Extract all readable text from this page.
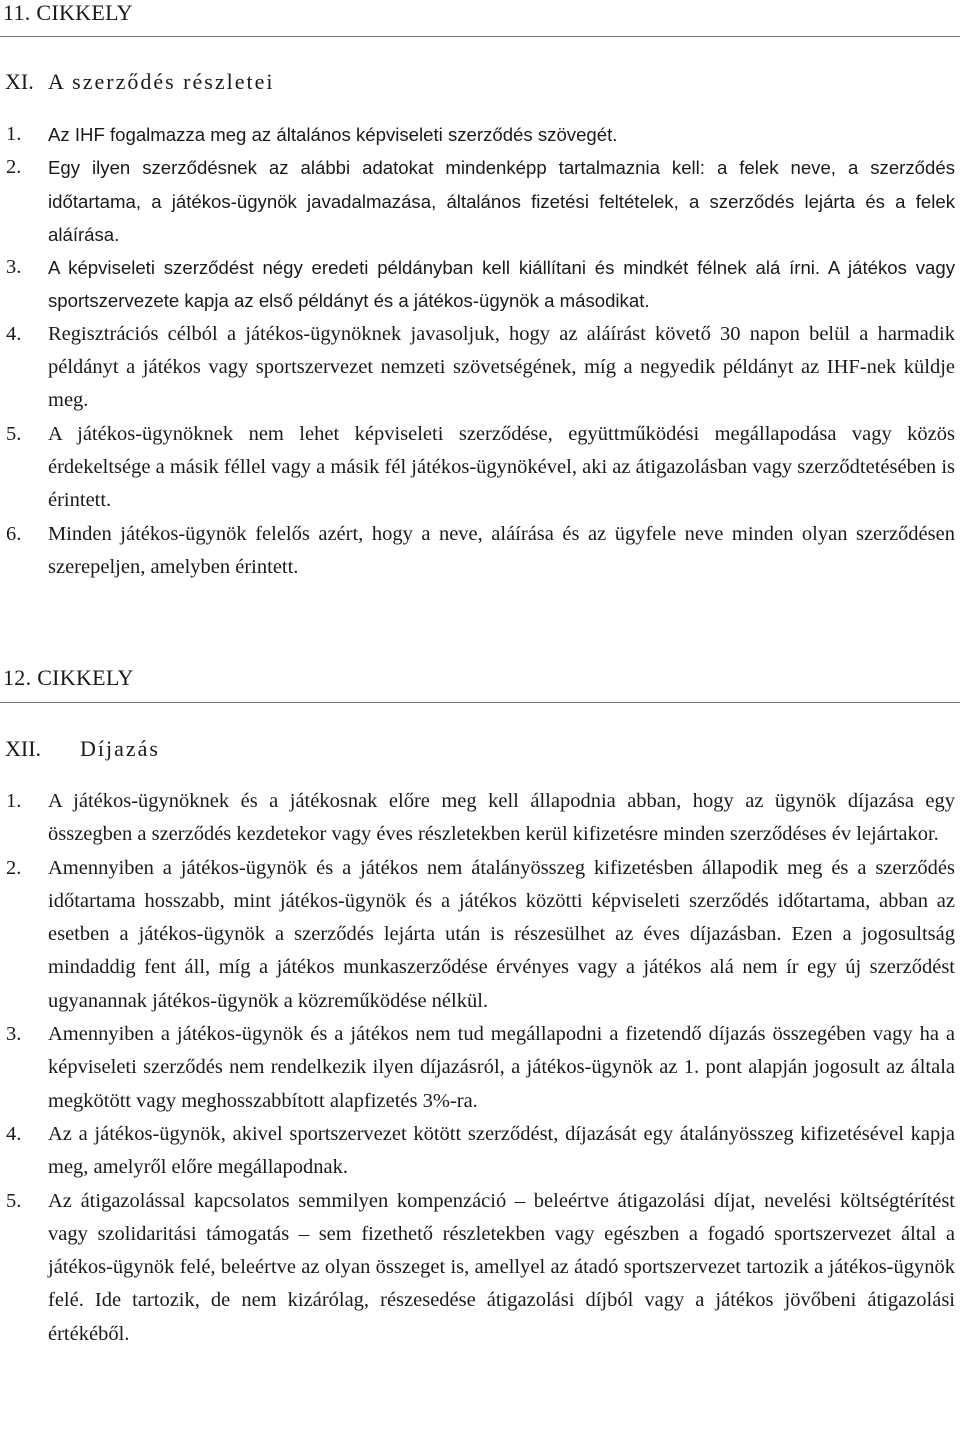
11. CIKKELY
XI. A szerződés részletei
1. Az IHF fogalmazza meg az általános képviseleti szerződés szövegét.
2. Egy ilyen szerződésnek az alábbi adatokat mindenképp tartalmaznia kell: a felek neve, a szerződés időtartama, a játékos-ügynök javadalmazása, általános fizetési feltételek, a szerződés lejárta és a felek aláírása.
3. A képviseleti szerződést négy eredeti példányban kell kiállítani és mindkét félnek alá írni. A játékos vagy sportszervezete kapja az első példányt és a játékos-ügynök a másodikat.
4. Regisztrációs célból a játékos-ügynöknek javasoljuk, hogy az aláírást követő 30 napon belül a harmadik példányt a játékos vagy sportszervezet nemzeti szövetségének, míg a negyedik példányt az IHF-nek küldje meg.
5. A játékos-ügynöknek nem lehet képviseleti szerződése, együttműködési megállapodása vagy közös érdekeltsége a másik féllel vagy a másik fél játékos-ügynökével, aki az átigazolásban vagy szerződtetésében is érintett.
6. Minden játékos-ügynök felelős azért, hogy a neve, aláírása és az ügyfele neve minden olyan szerződésen szerepeljen, amelyben érintett.
12. CIKKELY
XII. Díjazás
1. A játékos-ügynöknek és a játékosnak előre meg kell állapodnia abban, hogy az ügynök díjazása egy összegben a szerződés kezdetekor vagy éves részletekben kerül kifizetésre minden szerződéses év lejártakor.
2. Amennyiben a játékos-ügynök és a játékos nem átalányösszeg kifizetésben állapodik meg és a szerződés időtartama hosszabb, mint játékos-ügynök és a játékos közötti képviseleti szerződés időtartama, abban az esetben a játékos-ügynök a szerződés lejárta után is részesülhet az éves díjazásban. Ezen a jogosultság mindaddig fent áll, míg a játékos munkaszerződése érvényes vagy a játékos alá nem ír egy új szerződést ugyanannak játékos-ügynök a közreműködése nélkül.
3. Amennyiben a játékos-ügynök és a játékos nem tud megállapodni a fizetendő díjazás összegében vagy ha a képviseleti szerződés nem rendelkezik ilyen díjazásról, a játékos-ügynök az 1. pont alapján jogosult az általa megkötött vagy meghosszabbított alapfizetés 3%-ra.
4. Az a játékos-ügynök, akivel sportszervezet kötött szerződést, díjazását egy átalányösszeg kifizetésével kapja meg, amelyről előre megállapodnak.
5. Az átigazolással kapcsolatos semmilyen kompenzáció – beleértve átigazolási díjat, nevelési költségtérítést vagy szolidaritási támogatás – sem fizethető részletekben vagy egészben a fogadó sportszervezet által a játékos-ügynök felé, beleértve az olyan összeget is, amellyel az átadó sportszervezet tartozik a játékos-ügynök felé. Ide tartozik, de nem kizárólag, részesedése átigazolási díjból vagy a játékos jövőbeni átigazolási értékéből.
